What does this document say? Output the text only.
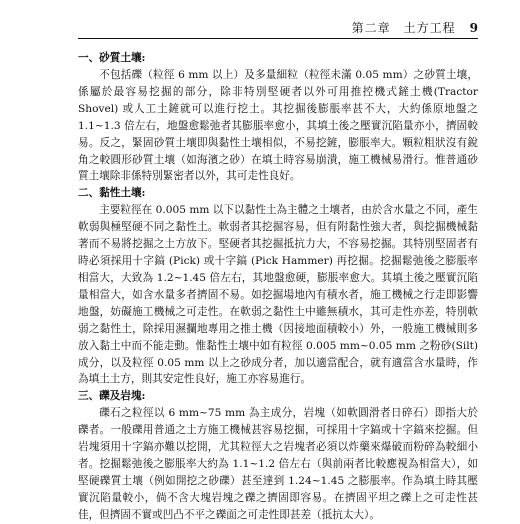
第二章　土方工程 9

一、砂質土壤:

不包括礫（粒徑 6 mm 以上）及多量細粒（粒徑未滿 0.05 mm）之砂質土壤，係屬於最容易挖掘的部分，除非特別堅硬者以外可用推控機式鏟土機(Tractor Shovel) 或人工土鏟就可以進行挖土。其挖掘後膨脹率甚不大，大約係原地盤之 1.1~1.3 倍左右，地盤愈鬆弛者其膨脹率愈小，其填土後之壓實沉陷量亦小，擠固較易。反之，緊固砂質土壤即與黏性土壤相似，不易挖鏟，膨脹率大。顆粒粗狀沒有銳角之較圓形砂質土壤（如海濱之砂）在填土時容易崩潰，施工機械易滑行。惟普通砂質土壤除非係特別緊密者以外，其可走性良好。

二、黏性土壤:

主要粒徑在 0.005 mm 以下以黏性土為主體之土壤者，由於含水量之不同，產生軟弱與極堅硬不同之黏性土。軟弱者其挖掘容易，但有附黏性強大者，與挖掘機械黏著而不易將挖掘之土方放下。堅硬者其挖掘抵抗力大，不容易挖掘。其特別堅固者有時必須採用十字鎬 (Pick) 或十字鎬 (Pick Hammer) 再挖掘。挖掘鬆弛後之膨脹率相當大，大致為 1.2~1.45 倍左右，其地盤愈硬，膨脹率愈大。其填土後之壓實沉陷量相當大，如含水量多者擠固不易。如挖掘場地內有積水者，施工機械之行走即影響地盤，妨礙施工機械之可走性。在軟弱之黏性土中雖無積水，其可走性亦差，特別軟弱之黏性土，除採用濕攔地專用之推土機（因接地面積較小）外，一般施工機械則多放入黏土中而不能走動。惟黏性土壤中如有粒徑 0.005 mm~0.05 mm 之粉砂(Silt) 成分，以及粒徑 0.05 mm 以上之砂成分者，加以適當配合，就有適當含水量時，作為填土土方，則其安定性良好，施工亦容易進行。

三、礫及岩塊:

礫石之粒徑以 6 mm~75 mm 為主成分，岩塊（如軟圓滑者日碎石）即指大於礫者。一般礫用普通之土方施工機械甚容易挖掘，可採用十字鎬或十字鎬來挖掘。但岩塊須用十字鎬亦難以挖開，尤其粒徑大之岩塊者必須以炸藥來爆破而粉碎為較細小者。挖掘鬆弛後之膨脹率大約為 1.1~1.2 倍左右（與前兩者比較應視為相當大），如堅硬礫質土壤（例如開挖之砂礫）甚至達到 1.24~1.45 之膨脹率。作為填土時其壓實沉陷量較小，倘不含大塊岩塊之礫之擠固即容易。在擠固平坦之礫上之可走性甚佳，但擠固不實或凹凸不平之礫面之可走性即甚差（抵抗太大）。
